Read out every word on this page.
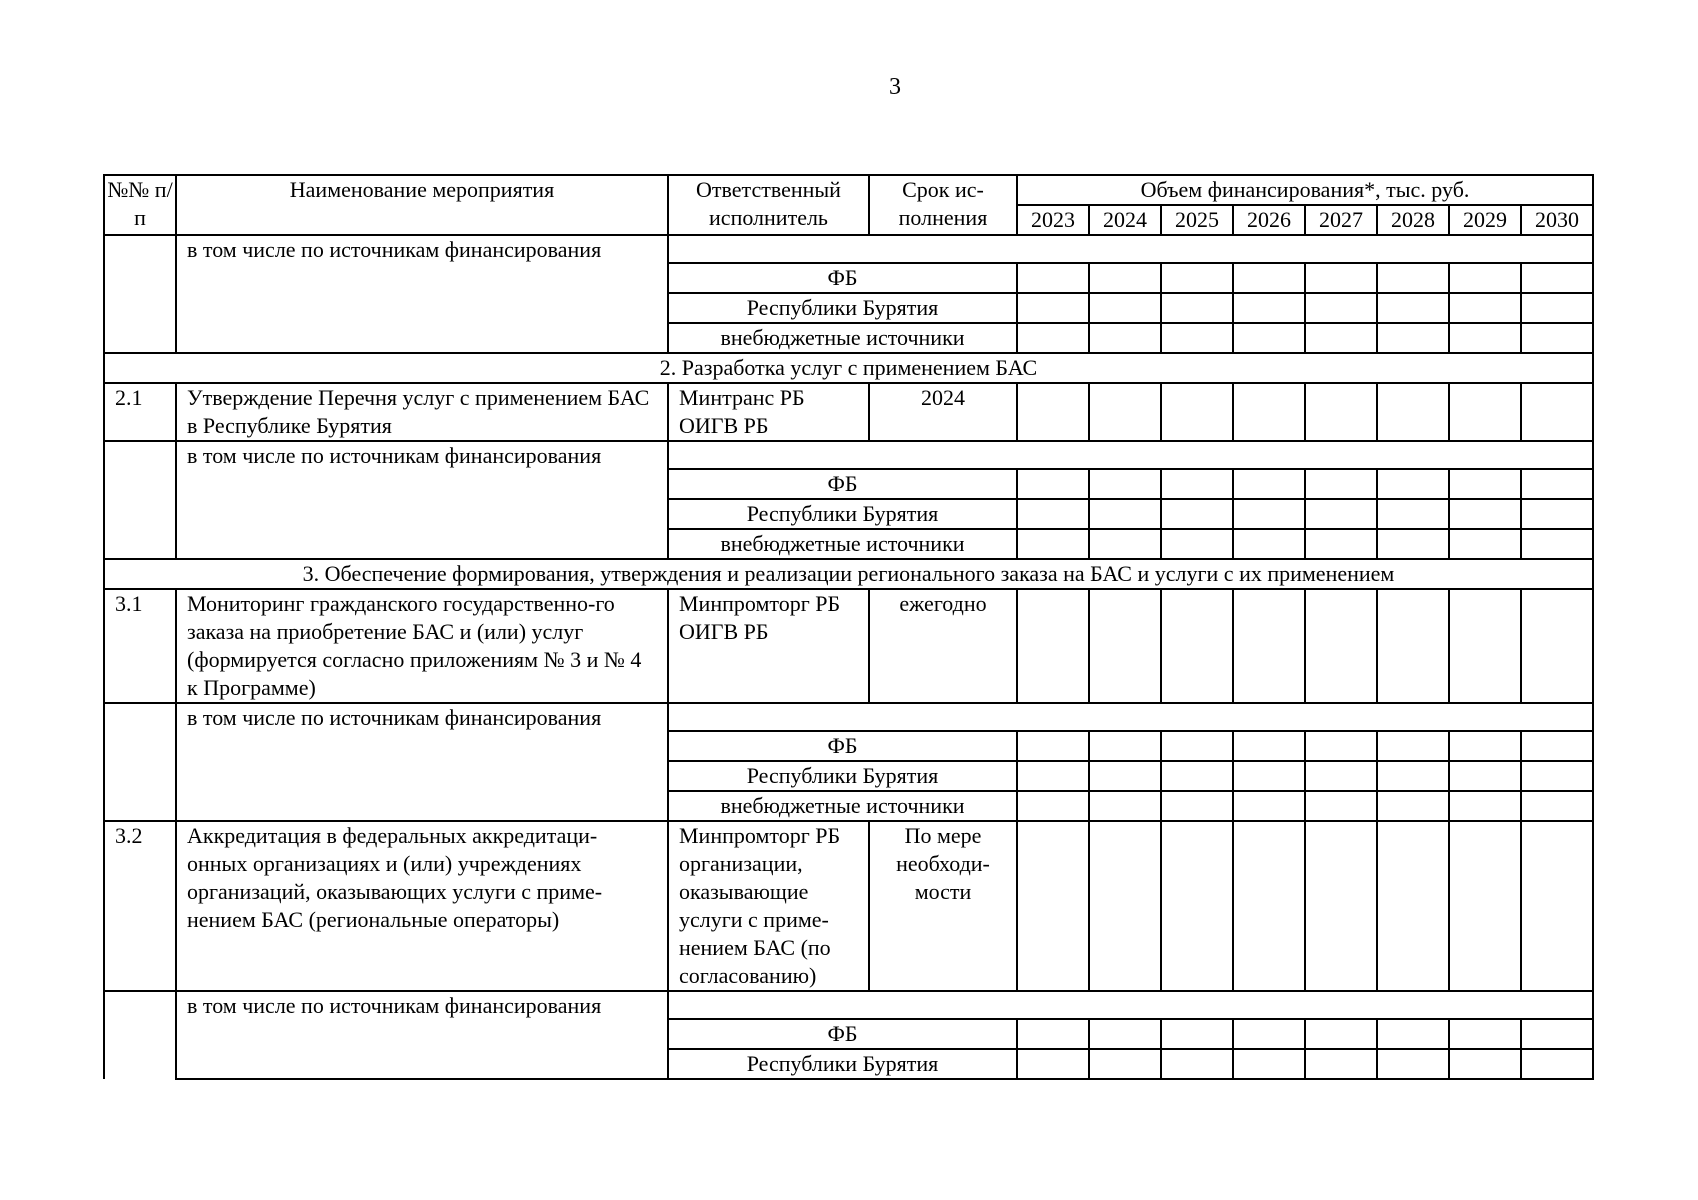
3
№№ п/п	Наименование мероприятия	Ответственный исполнитель	Срок ис-полнения	Объем финансирования*, тыс. руб.							
				2023	2024	2025	2026	2027	2028	2029	2030
	в том числе по источникам финансирования										
		ФБ									
		Республики Бурятия									
		внебюджетные источники									
2. Разработка услуг с применением БАС											
2.1	Утверждение Перечня услуг с применением БАС в Республике Бурятия	Минтранс РБ ОИГВ РБ	2024								
	в том числе по источникам финансирования										
		ФБ									
		Республики Бурятия									
		внебюджетные источники									
3. Обеспечение формирования, утверждения и реализации регионального заказа на БАС и услуги с их применением											
3.1	Мониторинг гражданского государственно-го заказа на приобретение БАС и (или) услуг (формируется согласно приложениям № 3 и № 4 к Программе)	Минпромторг РБ ОИГВ РБ	ежегодно								
	в том числе по источникам финансирования										
		ФБ									
		Республики Бурятия									
		внебюджетные источники									
3.2	Аккредитация в федеральных аккредитаци-онных организациях и (или) учреждениях организаций, оказывающих услуги с приме-нением БАС (региональные операторы)	Минпромторг РБ организации, оказывающие услуги с приме-нением БАС (по согласованию)	По мере необходи-мости								
	в том числе по источникам финансирования										
		ФБ									
		Республики Бурятия									
